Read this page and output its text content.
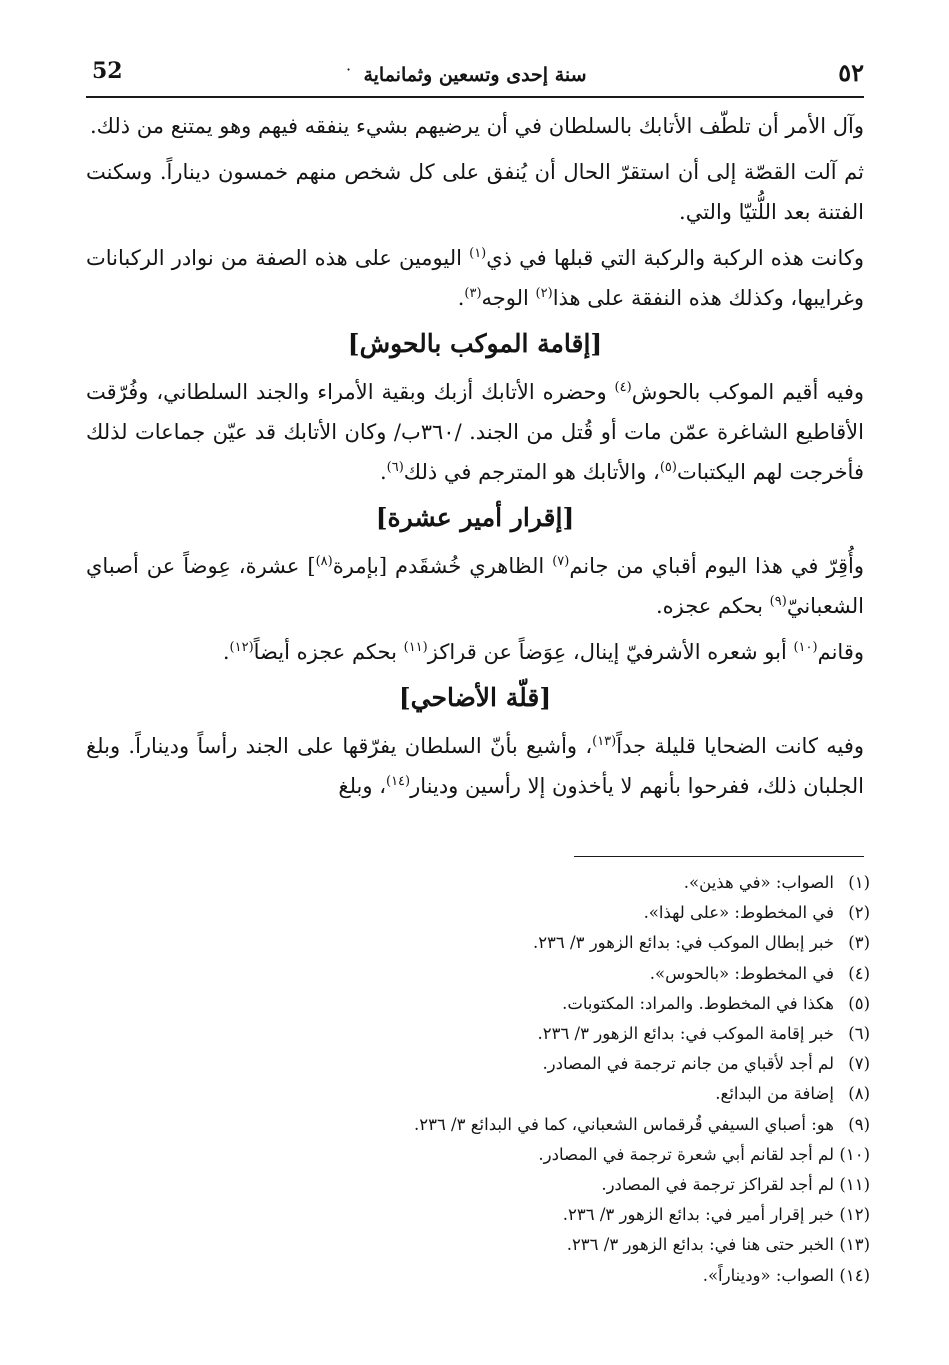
٥٢
سنة إحدى وتسعين وثمانماية
·
52

وآل الأمر أن تلطّف الأتابك بالسلطان في أن يرضيهم بشيء ينفقه فيهم وهو يمتنع من ذلك.

ثم آلت القصّة إلى أن استقرّ الحال أن يُنفق على كل شخص منهم خمسون ديناراً. وسكنت الفتنة بعد اللُّتيّا والتي.

وكانت هذه الركبة والركبة التي قبلها في ذي$^{(١)}$ اليومين على هذه الصفة من نوادر الركبانات وغرايبها، وكذلك هذه النفقة على هذا$^{(٢)}$ الوجه$^{(٣)}$.

[إقامة الموكب بالحوش]

وفيه أقيم الموكب بالحوش$^{(٤)}$ وحضره الأتابك أزبك وبقية الأمراء والجند السلطاني، وفُرّقت الأقاطيع الشاغرة عمّن مات أو قُتل من الجند. /٣٦٠ب/ وكان الأتابك قد عيّن جماعات لذلك فأخرجت لهم اليكتبات$^{(٥)}$، والأتابك هو المترجم في ذلك$^{(٦)}$.

[إقرار أمير عشرة]

وأُقِرّ في هذا اليوم أقباي من جانم$^{(٧)}$ الظاهري خُشقَدم [بإمرة$^{(٨)}$] عشرة، عِوضاً عن أصباي الشعبانيّ$^{(٩)}$ بحكم عجزه.

وقانم$^{(١٠)}$ أبو شعره الأشرفيّ إينال، عِوَضاً عن قراكز$^{(١١)}$ بحكم عجزه أيضاً$^{(١٢)}$.

[قلّة الأضاحي]

وفيه كانت الضحايا قليلة جداً$^{(١٣)}$، وأشيع بأنّ السلطان يفرّقها على الجند رأساً وديناراً. وبلغ الجلبان ذلك، ففرحوا بأنهم لا يأخذون إلا رأسين ودينار$^{(١٤)}$، وبلغ

(١)الصواب: «في هذين».

(٢)في المخطوط: «على لهذا».

(٣)خبر إبطال الموكب في: بدائع الزهور ٣/ ٢٣٦.

(٤)في المخطوط: «بالحوس».

(٥)هكذا في المخطوط. والمراد: المكتوبات.

(٦)خبر إقامة الموكب في: بدائع الزهور ٣/ ٢٣٦.

(٧)لم أجد لأقباي من جانم ترجمة في المصادر.

(٨)إضافة من البدائع.

(٩)هو: أصباي السيفي قُرقماس الشعباني، كما في البدائع ٣/ ٢٣٦.

(١٠)لم أجد لقانم أبي شعرة ترجمة في المصادر.

(١١)لم أجد لقراكز ترجمة في المصادر.

(١٢)خبر إقرار أمير في: بدائع الزهور ٣/ ٢٣٦.

(١٣)الخبر حتى هنا في: بدائع الزهور ٣/ ٢٣٦.

(١٤)الصواب: «وديناراً».
